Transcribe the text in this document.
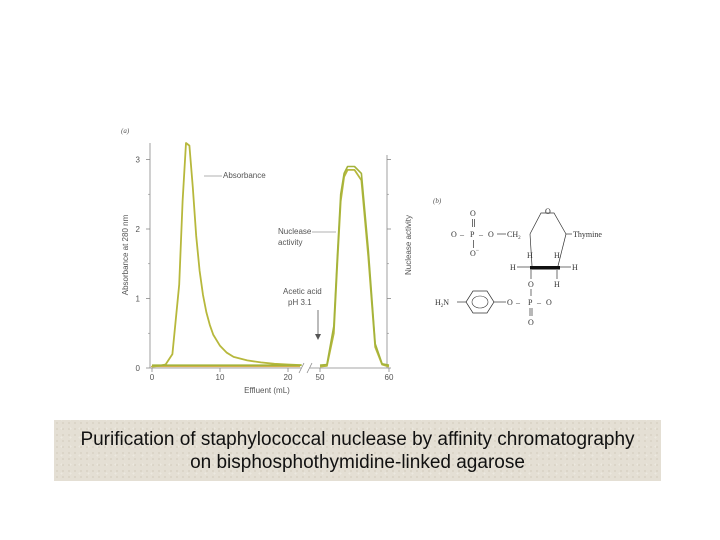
(a)
0
1
2
3
0	10	20	50	60
Absorbance at 280 nm	Nuclease activity
Effluent (mL)
Absorbance
Nuclease
activity
Acetic acid
pH 3.1
(b)
O
O – P – O $CH_2$
O−
O
Thymine
H	H
H	H
O	H
$H_2N$	O – P – O
O

Purification of staphylococcal nuclease by affinity chromatography
on bisphosphothymidine-linked agarose
